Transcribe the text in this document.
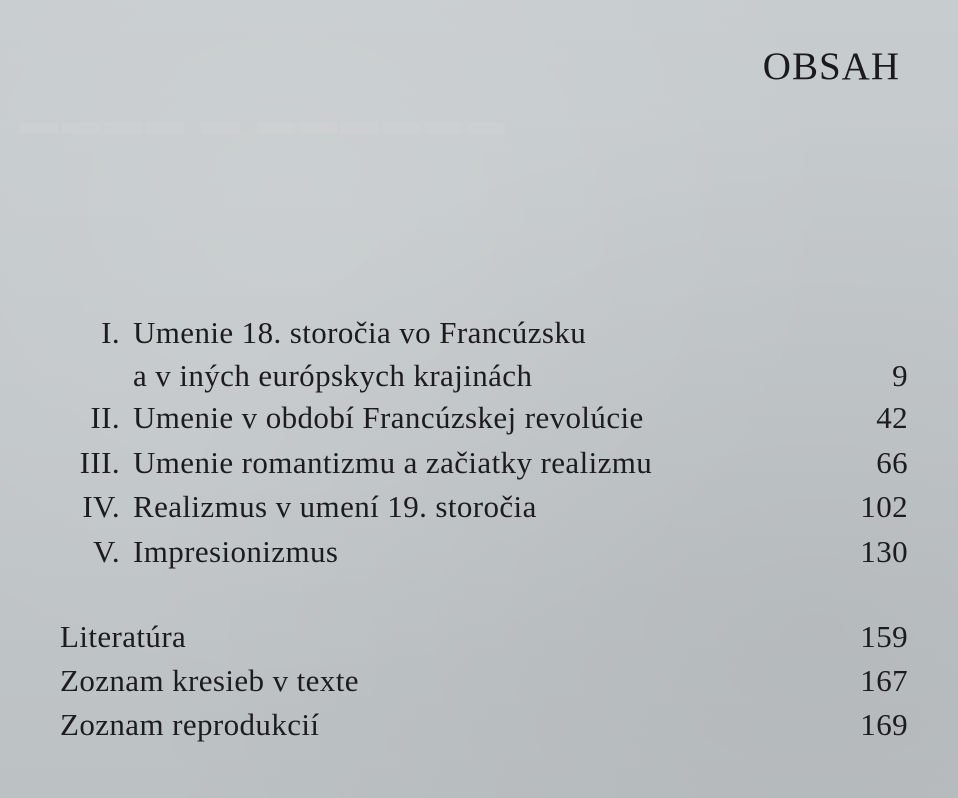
▬▬▬▬ ▬ ▬▬▬▬▬▬
OBSAH
I. Umenie 18. storočia vo Francúzsku
a v iných európskych krajinách	9
II. Umenie v období Francúzskej revolúcie	42
III. Umenie romantizmu a začiatky realizmu	66
IV. Realizmus v umení 19. storočia	102
V. Impresionizmus	130
Literatúra	159
Zoznam kresieb v texte	167
Zoznam reprodukcií	169
